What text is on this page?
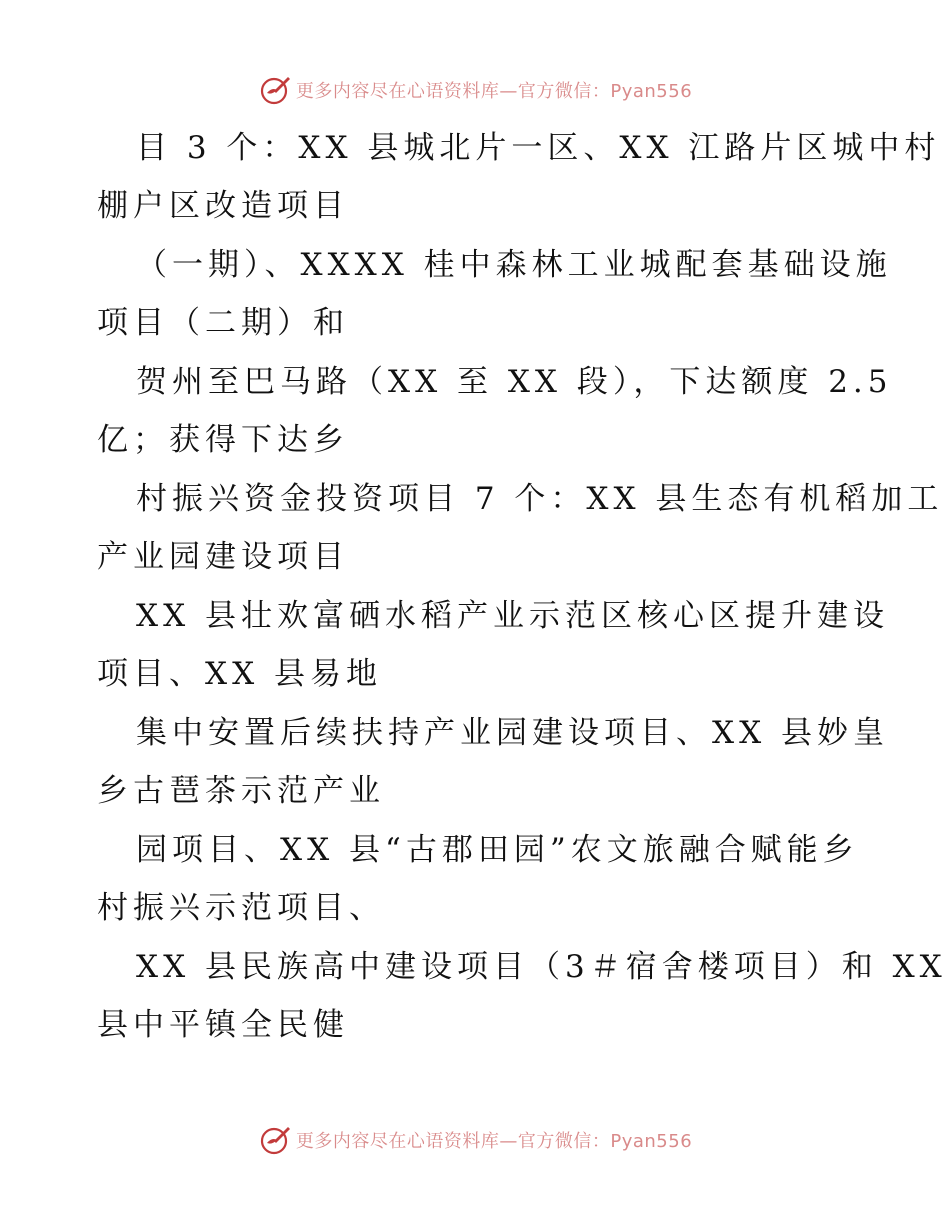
更多内容尽在心语资料库—官方微信：Pyan556
目 3 个：XX 县城北片一区、XX 江路片区城中村
棚户区改造项目
（一期）、XXXX 桂中森林工业城配套基础设施
项目（二期）和
贺州至巴马路（XX 至 XX 段），下达额度 2.5
亿；获得下达乡
村振兴资金投资项目 7 个：XX 县生态有机稻加工
产业园建设项目
XX 县壮欢富硒水稻产业示范区核心区提升建设
项目、XX 县易地
集中安置后续扶持产业园建设项目、XX 县妙皇
乡古琶茶示范产业
园项目、XX 县“古郡田园”农文旅融合赋能乡
村振兴示范项目、
XX 县民族高中建设项目（3＃宿舍楼项目）和 XX
县中平镇全民健
更多内容尽在心语资料库—官方微信：Pyan556
